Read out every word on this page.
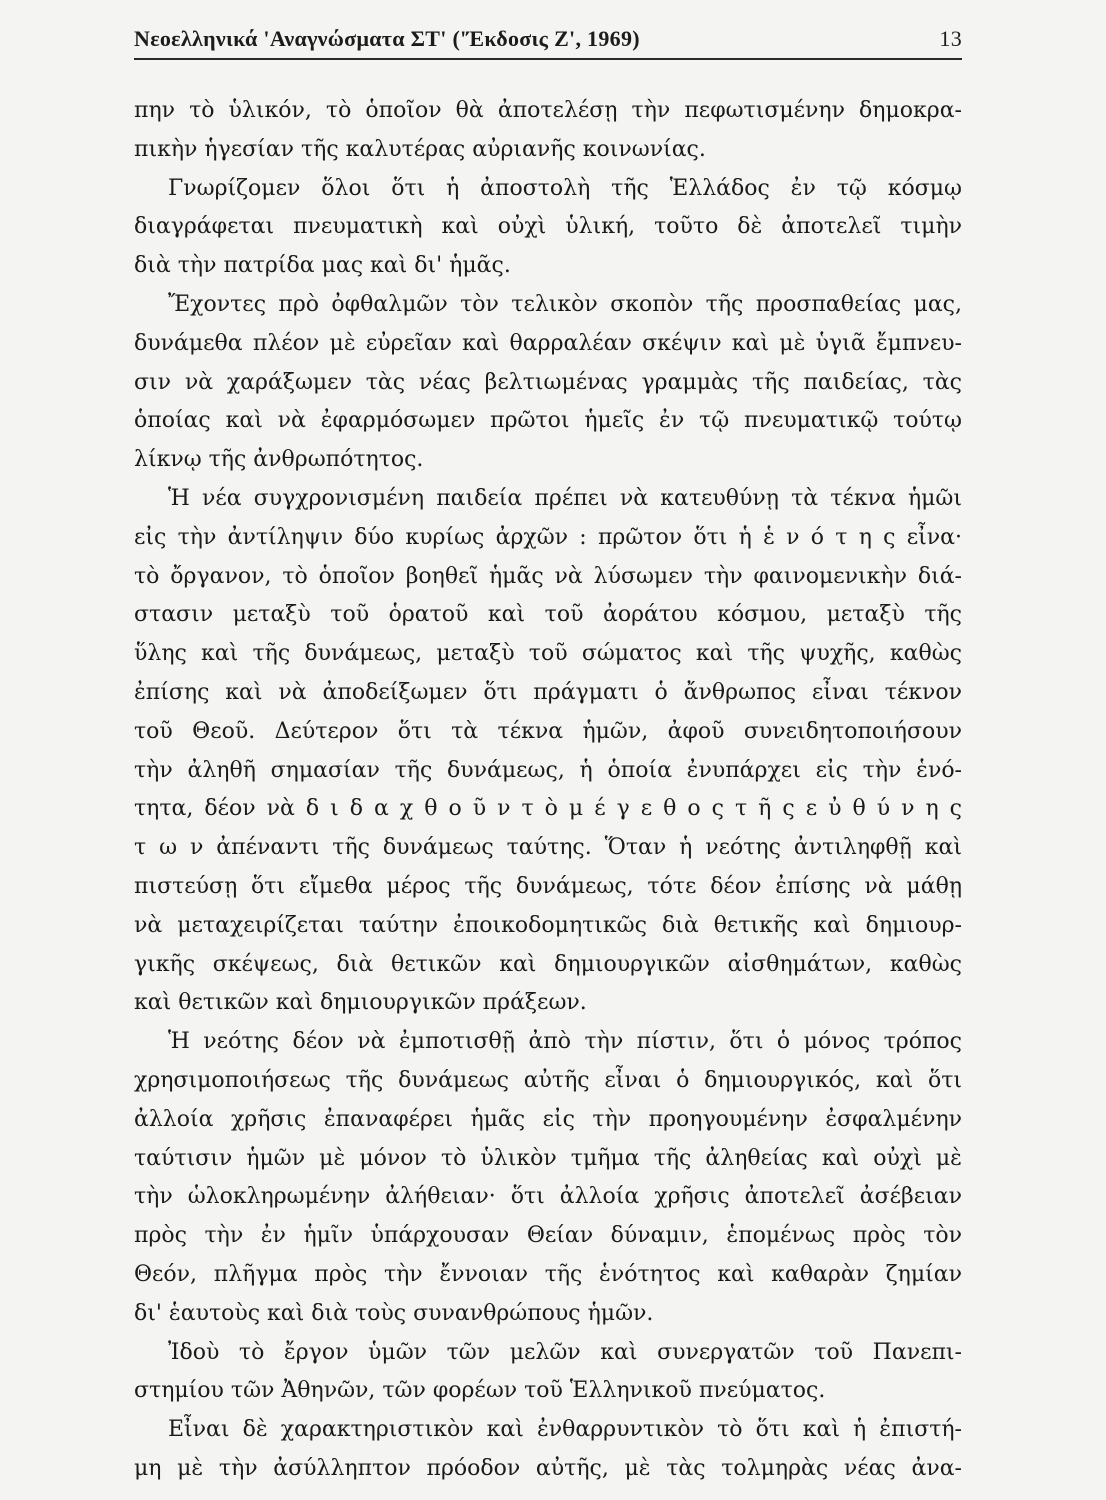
Νεοελληνικά 'Αναγνώσματα ΣΤ' ('Έκδοσις Ζ', 1969)	13
πην τὸ ὑλικόν, τὸ ὁποῖον θὰ ἀποτελέσῃ τὴν πεφωτισμένην δημοκρα-
πικὴν ἡγεσίαν τῆς καλυτέρας αὐριανῆς κοινωνίας.
Γνωρίζομεν ὅλοι ὅτι ἡ ἀποστολὴ τῆς Ἑλλάδος ἐν τῷ κόσμῳ
διαγράφεται πνευματικὴ καὶ οὐχὶ ὑλική, τοῦτο δὲ ἀποτελεῖ τιμὴν
διὰ τὴν πατρίδα μας καὶ δι' ἡμᾶς.
Ἔχοντες πρὸ ὀφθαλμῶν τὸν τελικὸν σκοπὸν τῆς προσπαθείας μας,
δυνάμεθα πλέον μὲ εὐρεῖαν καὶ θαρραλέαν σκέψιν καὶ μὲ ὑγιᾶ ἔμπνευ-
σιν νὰ χαράξωμεν τὰς νέας βελτιωμένας γραμμὰς τῆς παιδείας, τὰς
ὁποίας καὶ νὰ ἐφαρμόσωμεν πρῶτοι ἡμεῖς ἐν τῷ πνευματικῷ τούτῳ
λίκνῳ τῆς ἀνθρωπότητος.
Ἡ νέα συγχρονισμένη παιδεία πρέπει νὰ κατευθύνῃ τὰ τέκνα ἡμῶι
εἰς τὴν ἀντίληψιν δύο κυρίως ἀρχῶν : πρῶτον ὅτι ἡ ἑ ν ό τ η ς εἶνα·
τὸ ὄργανον, τὸ ὁποῖον βοηθεῖ ἡμᾶς νὰ λύσωμεν τὴν φαινομενικὴν διά-
στασιν μεταξὺ τοῦ ὁρατοῦ καὶ τοῦ ἀοράτου κόσμου, μεταξὺ τῆς
ὕλης καὶ τῆς δυνάμεως, μεταξὺ τοῦ σώματος καὶ τῆς ψυχῆς, καθὼς
ἐπίσης καὶ νὰ ἀποδείξωμεν ὅτι πράγματι ὁ ἄνθρωπος εἶναι τέκνον
τοῦ Θεοῦ. Δεύτερον ὅτι τὰ τέκνα ἡμῶν, ἀφοῦ συνειδητοποιήσουν
τὴν ἀληθῆ σημασίαν τῆς δυνάμεως, ἡ ὁποία ἐνυπάρχει εἰς τὴν ἑνό-
τητα, δέον νὰ δ ι δ α χ θ ο ῦ ν τ ὸ μ έ γ ε θ ο ς τ ῆ ς ε ὐ θ ύ ν η ς
τ ω ν ἀπέναντι τῆς δυνάμεως ταύτης. Ὅταν ἡ νεότης ἀντιληφθῇ καὶ
πιστεύσῃ ὅτι εἴμεθα μέρος τῆς δυνάμεως, τότε δέον ἐπίσης νὰ μάθῃ
νὰ μεταχειρίζεται ταύτην ἐποικοδομητικῶς διὰ θετικῆς καὶ δημιουρ-
γικῆς σκέψεως, διὰ θετικῶν καὶ δημιουργικῶν αἰσθημάτων, καθὼς
καὶ θετικῶν καὶ δημιουργικῶν πράξεων.
Ἡ νεότης δέον νὰ ἐμποτισθῇ ἀπὸ τὴν πίστιν, ὅτι ὁ μόνος τρόπος
χρησιμοποιήσεως τῆς δυνάμεως αὐτῆς εἶναι ὁ δημιουργικός, καὶ ὅτι
ἀλλοία χρῆσις ἐπαναφέρει ἡμᾶς εἰς τὴν προηγουμένην ἐσφαλμένην
ταύτισιν ἡμῶν μὲ μόνον τὸ ὑλικὸν τμῆμα τῆς ἀληθείας καὶ οὐχὶ μὲ
τὴν ὡλοκληρωμένην ἀλήθειαν· ὅτι ἀλλοία χρῆσις ἀποτελεῖ ἀσέβειαν
πρὸς τὴν ἐν ἡμῖν ὑπάρχουσαν Θείαν δύναμιν, ἑπομένως πρὸς τὸν
Θεόν, πλῆγμα πρὸς τὴν ἔννοιαν τῆς ἑνότητος καὶ καθαρὰν ζημίαν
δι' ἑαυτοὺς καὶ διὰ τοὺς συνανθρώπους ἡμῶν.
Ἰδοὺ τὸ ἔργον ὑμῶν τῶν μελῶν καὶ συνεργατῶν τοῦ Πανεπι-
στημίου τῶν Ἀθηνῶν, τῶν φορέων τοῦ Ἑλληνικοῦ πνεύματος.
Εἶναι δὲ χαρακτηριστικὸν καὶ ἐνθαρρυντικὸν τὸ ὅτι καὶ ἡ ἐπιστή-
μη μὲ τὴν ἀσύλληπτον πρόοδον αὐτῆς, μὲ τὰς τολμηρὰς νέας ἀνα-
